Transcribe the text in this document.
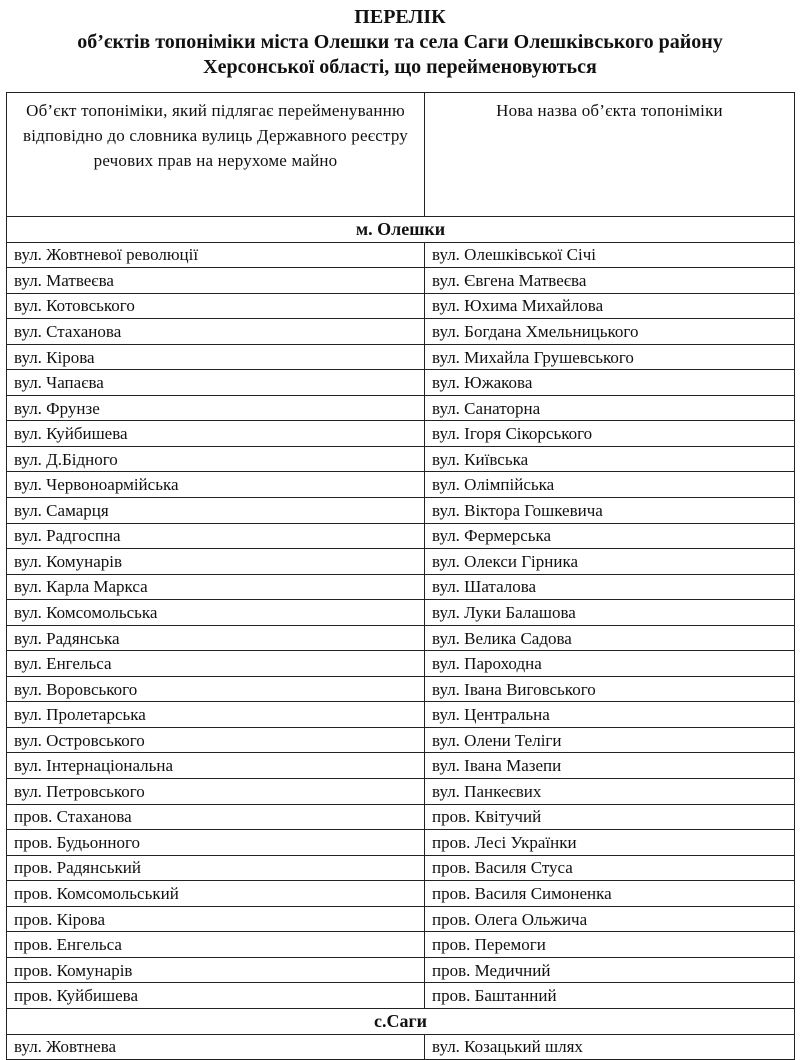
ПЕРЕЛІК
об’єктів топоніміки міста Олешки та села Саги Олешківського району
Херсонської області, що перейменовуються
Об’єкт топоніміки, який підлягає перейменуванню відповідно до словника вулиць Державного реєстру речових прав на нерухоме майно	Нова назва об’єкта топоніміки
м. Олешки	
вул. Жовтневої революції	вул. Олешківської Січі
вул. Матвеєва	вул. Євгена Матвеєва
вул. Котовського	вул. Юхима Михайлова
вул. Стаханова	вул. Богдана Хмельницького
вул. Кірова	вул. Михайла Грушевського
вул. Чапаєва	вул. Южакова
вул. Фрунзе	вул. Санаторна
вул. Куйбишева	вул. Ігоря Сікорського
вул. Д.Бідного	вул. Київська
вул. Червоноармійська	вул. Олімпійська
вул. Самарця	вул. Віктора Гошкевича
вул. Радгоспна	вул. Фермерська
вул. Комунарів	вул. Олекси Гірника
вул. Карла Маркса	вул. Шаталова
вул. Комсомольська	вул. Луки Балашова
вул. Радянська	вул. Велика Садова
вул. Енгельса	вул. Пароходна
вул. Воровського	вул. Івана Виговського
вул. Пролетарська	вул. Центральна
вул. Островського	вул. Олени Теліги
вул. Інтернаціональна	вул. Івана Мазепи
вул. Петровського	вул. Панкеєвих
пров. Стаханова	пров. Квітучий
пров. Будьонного	пров. Лесі Українки
пров. Радянський	пров. Василя Стуса
пров. Комсомольський	пров. Василя Симоненка
пров. Кірова	пров. Олега Ольжича
пров. Енгельса	пров. Перемоги
пров. Комунарів	пров. Медичний
пров. Куйбишева	пров. Баштанний
с.Саги	
вул. Жовтнева	вул. Козацький шлях
